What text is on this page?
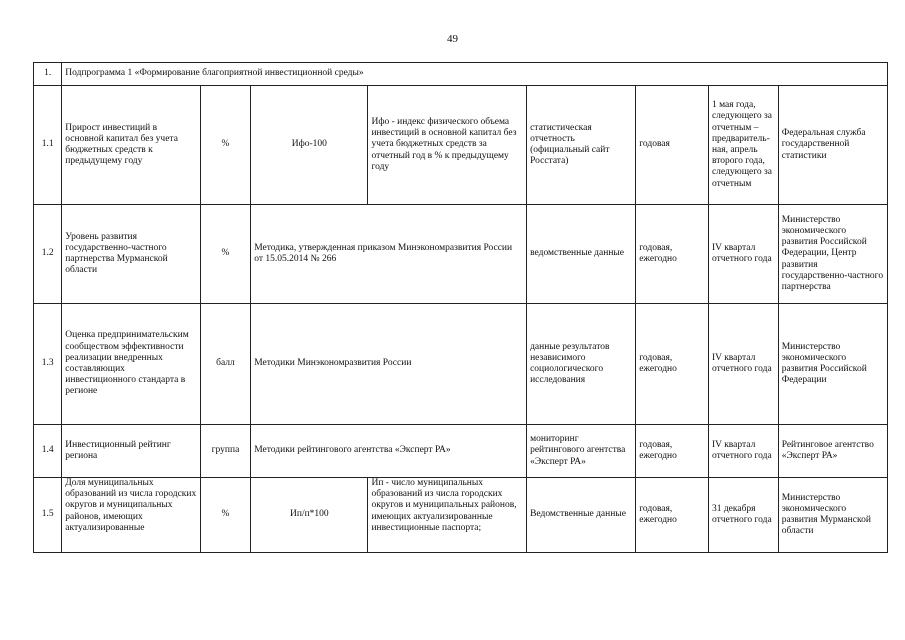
49
1.	Подпрограмма 1 «Формирование благоприятной инвестиционной среды»							
1.1	Прирост инвестиций в основной капитал без учета бюджетных средств к предыдущему году	%	Ифо-100	Ифо - индекс физического объема инвестиций в основной капитал без учета бюджетных средств за отчетный год в % к предыдущему году	статистическая отчетность (официальный сайт Росстата)	годовая	1 мая года, следующего за отчетным – предваритель-ная, апрель второго года, следующего за отчетным	Федеральная служба государственной статистики
1.2	Уровень развития государственно-частного партнерства Мурманской области	%	Методика, утвержденная приказом Минэкономразвития России от 15.05.2014 № 266		ведомственные данные	годовая, ежегодно	IV квартал отчетного года	Министерство экономического развития Российской Федерации, Центр развития государственно-частного партнерства
1.3	Оценка предпринимательским сообществом эффективности реализации внедренных составляющих инвестиционного стандарта в регионе	балл	Методики Минэкономразвития России		данные результатов независимого социологического исследования	годовая, ежегодно	IV квартал отчетного года	Министерство экономического развития Российской Федерации
1.4	Инвестиционный рейтинг региона	группа	Методики рейтингового агентства «Эксперт РА»		мониторинг рейтингового агентства «Эксперт РА»	годовая, ежегодно	IV квартал отчетного года	Рейтинговое агентство «Эксперт РА»
1.5	Доля муниципальных образований из числа городских округов и муниципальных районов, имеющих актуализированные	%	Ип/п*100	Ип - число муниципальных образований из числа городских округов и муниципальных районов, имеющих актуализированные инвестиционные паспорта;	Ведомственные данные	годовая, ежегодно	31 декабря отчетного года	Министерство экономического развития Мурманской области
